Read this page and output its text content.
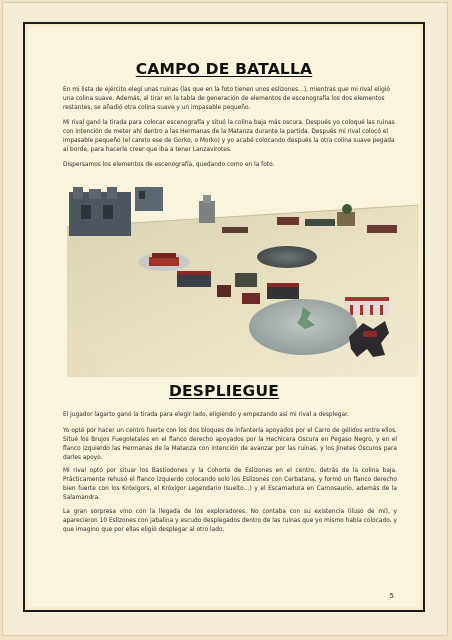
CAMPO DE BATALLA

En mi lista de ejército elegí unas ruinas (las que en la foto tienen unos eslizones…), mientras que mi rival eligió una colina suave. Además, al tirar en la tabla de generación de elementos de escenografía los dos elementos restantes, se añadió otra colina suave y un impasable pequeño.

Mi rival ganó la tirada para colocar escenografía y situó la colina baja más oscura. Después yo coloqué las ruinas con intención de meter ahí dentro a las Hermanas de la Matanza durante la partida. Después mi rival colocó el impasable pequeño (el careto ese de Gorko, o Morko) y yo acabé colocando después la otra colina suave pegada al borde, para hacerle creer que iba a tener Lanzavirotes.

Dispersamos los elementos de escenografía, quedando como en la foto.

DESPLIEGUE

El jugador lagarto ganó la tirada para elegir lado, eligiendo y empezando así mi rival a desplegar.

Yo opté por hacer un centro fuerte con los dos bloques de infantería apoyados por el Carro de gélidos entre ellos. Situé los Brujos Fuegoletales en el flanco derecho apoyados por la Hechicera Oscura en Pegaso Negro, y en el flanco izquierdo las Hermanas de la Matanza con intención de avanzar por las ruinas, y los Jinetes Oscuros para darles apoyo.

Mi rival optó por situar los Bastiodones y la Cohorte de Eslizones en el centro, detrás de la colina baja. Prácticamente rehusó el flanco izquierdo colocando solo los Eslizones con Cerbatana, y formó un flanco derecho bien fuerte con los Króxigors, el Króxigor Legendario (suelto…) y el Escamadura en Carnosaurio, además de la Salamandra.

La gran sorpresa vino con la llegada de los exploradores. No contaba con su existencia (iluso de mí), y aparecieron 10 Eslizones con jabalina y escudo desplegados dentro de las ruinas que yo mismo había colocado, y que imagino que por ellas eligió desplegar al otro lado.

5
